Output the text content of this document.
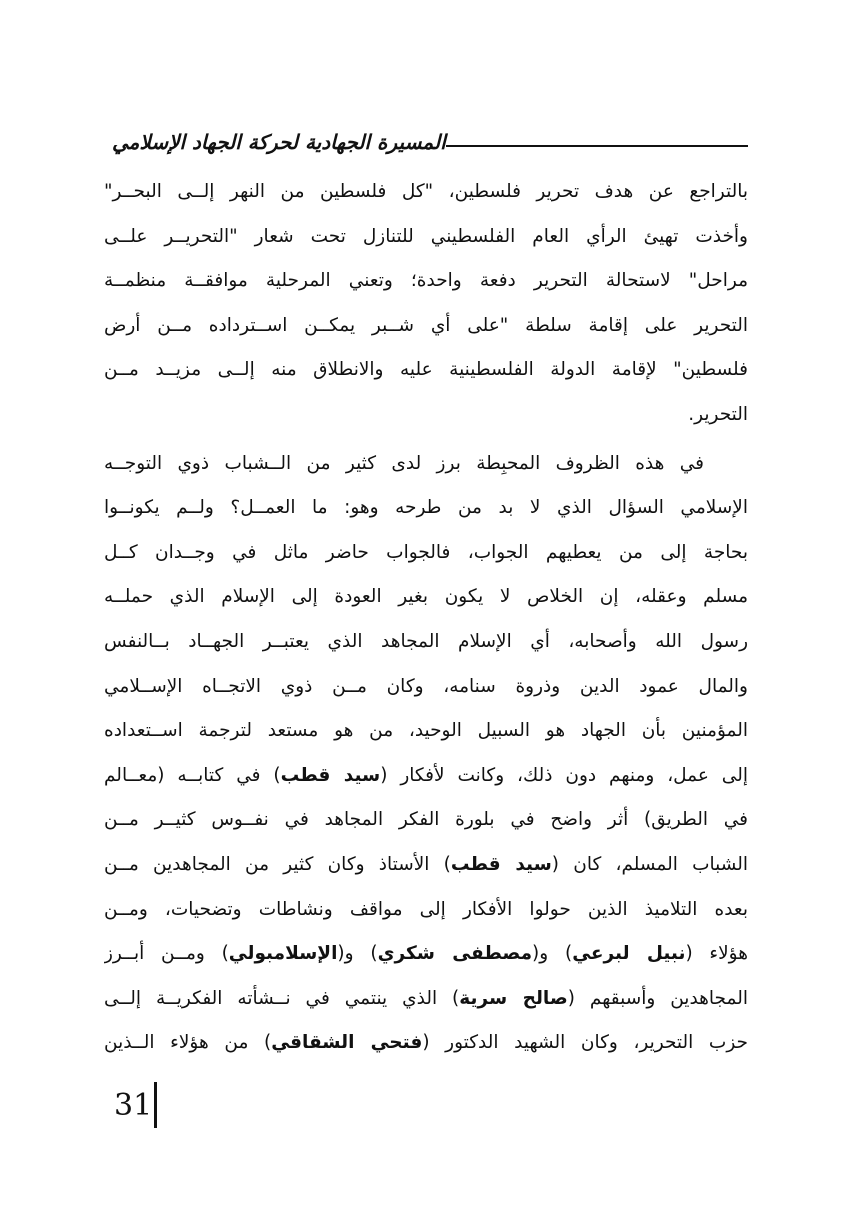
المسيرة الجهادية لحركة الجهاد الإسلامي
بالتراجع عن هدف تحرير فلسطين، "كل فلسطين من النهر إلــى البحــر"
وأخذت تهيئ الرأي العام الفلسطيني للتنازل تحت شعار "التحريــر علــى
مراحل" لاستحالة التحرير دفعة واحدة؛ وتعني المرحلية موافقــة منظمــة
التحرير على إقامة سلطة "على أي شــبر يمكــن اســترداده مــن أرض
فلسطين" لإقامة الدولة الفلسطينية عليه والانطلاق منه إلــى مزيــد مــن
التحرير.
في هذه الظروف المحبِطة برز لدى كثير من الــشباب ذوي التوجــه
الإسلامي السؤال الذي لا بد من طرحه وهو: ما العمــل؟ ولــم يكونــوا
بحاجة إلى من يعطيهم الجواب، فالجواب حاضر ماثل في وجــدان كــل
مسلم وعقله، إن الخلاص لا يكون بغير العودة إلى الإسلام الذي حملــه
رسول الله وأصحابه، أي الإسلام المجاهد الذي يعتبــر الجهــاد بــالنفس
والمال عمود الدين وذروة سنامه، وكان مــن ذوي الاتجــاه الإســلامي
المؤمنين بأن الجهاد هو السبيل الوحيد، من هو مستعد لترجمة اســتعداده
إلى عمل، ومنهم دون ذلك، وكانت لأفكار (سيد قطب) في كتابــه (معــالم
في الطريق) أثر واضح في بلورة الفكر المجاهد في نفــوس كثيــر مــن
الشباب المسلم، كان (سيد قطب) الأستاذ وكان كثير من المجاهدين مــن
بعده التلاميذ الذين حولوا الأفكار إلى مواقف ونشاطات وتضحيات، ومــن
هؤلاء (نبيل لبرعي) و(مصطفى شكري) و(الإسلامبولي) ومــن أبــرز
المجاهدين وأسبقهم (صالح سرية) الذي ينتمي في نــشأته الفكريــة إلــى
حزب التحرير، وكان الشهيد الدكتور (فتحي الشقاقي) من هؤلاء الــذين
31
